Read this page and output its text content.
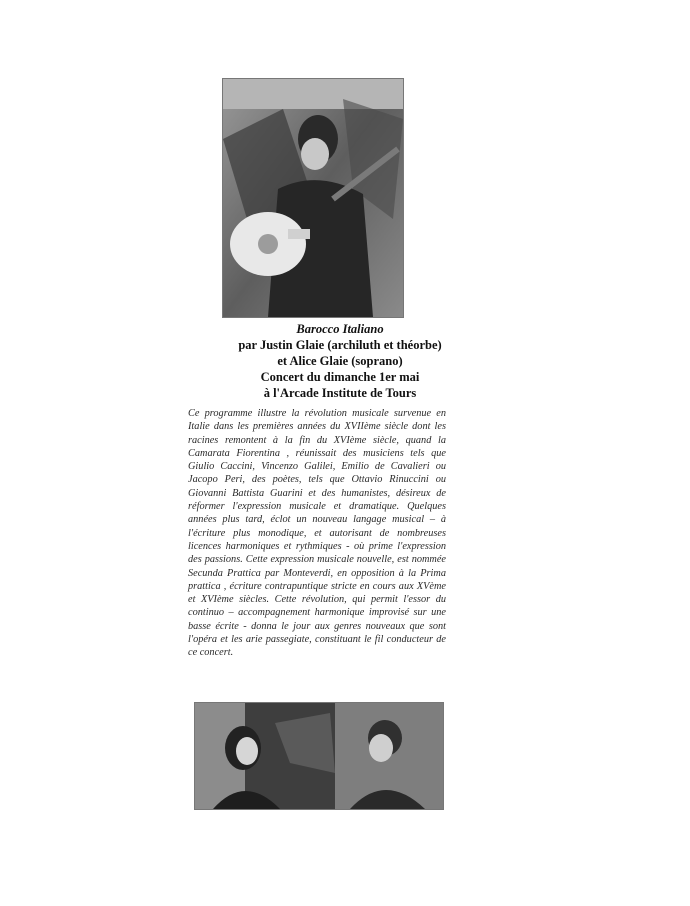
Barocco Italiano
par Justin Glaie (archiluth et théorbe)
et Alice Glaie (soprano)
Concert du dimanche 1er mai
à l'Arcade Institute de Tours
Ce programme illustre la révolution musicale survenue en Italie dans les premières années du XVIIème siècle dont les racines remontent à la fin du XVIème siècle, quand la Camarata Fiorentina , réunissait des musiciens tels que Giulio Caccini, Vincenzo Galilei, Emilio de Cavalieri ou Jacopo Peri, des poètes, tels que Ottavio Rinuccini ou Giovanni Battista Guarini et des humanistes, désireux de réformer l'expression musicale et dramatique. Quelques années plus tard, éclot un nouveau langage musical – à l'écriture plus monodique, et autorisant de nombreuses licences harmoniques et rythmiques - où prime l'expression des passions. Cette expression musicale nouvelle, est nommée Secunda Prattica par Monteverdi, en opposition à la Prima prattica , écriture contrapuntique stricte en cours aux XVème et XVIème siècles. Cette révolution, qui permit l'essor du continuo – accompagnement harmonique improvisé sur une basse écrite - donna le jour aux genres nouveaux que sont l'opéra et les arie passegiate, constituant le fil conducteur de ce concert.
